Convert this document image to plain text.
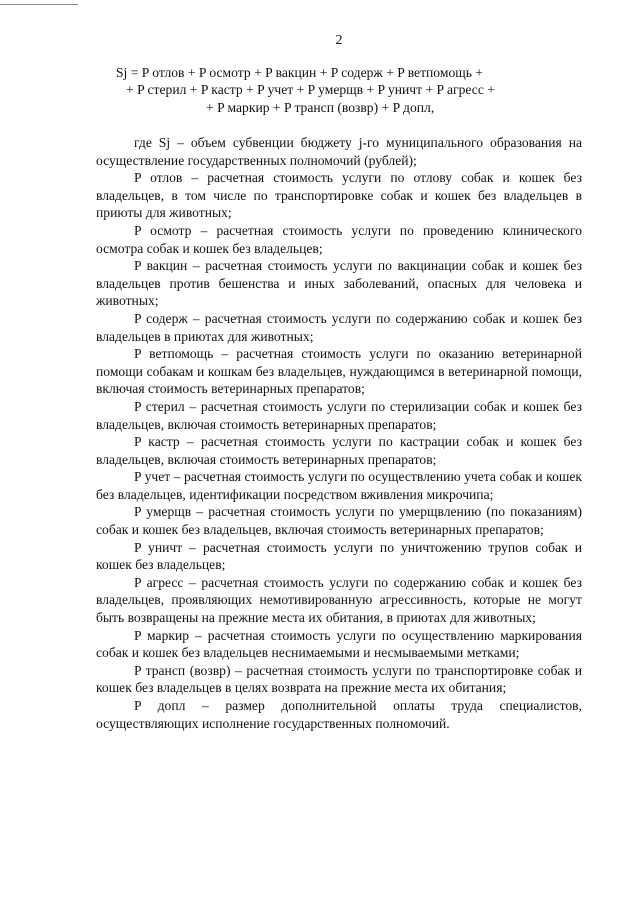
2
Sj = P отлов + P осмотр + P вакцин + P содерж + P ветпомощь +
+ P стерил + P кастр + P учет + P умерщв + P уничт + P агресс +
+ P маркир + P трансп (возвр) + P допл,

где Sj – объем субвенции бюджету j-го муниципального образования на осуществление государственных полномочий (рублей);

P отлов – расчетная стоимость услуги по отлову собак и кошек без владельцев, в том числе по транспортировке собак и кошек без владельцев в приюты для животных;

P осмотр – расчетная стоимость услуги по проведению клинического осмотра собак и кошек без владельцев;

P вакцин – расчетная стоимость услуги по вакцинации собак и кошек без владельцев против бешенства и иных заболеваний, опасных для человека и животных;

P содерж – расчетная стоимость услуги по содержанию собак и кошек без владельцев в приютах для животных;

P ветпомощь – расчетная стоимость услуги по оказанию ветеринарной помощи собакам и кошкам без владельцев, нуждающимся в ветеринарной помощи, включая стоимость ветеринарных препаратов;

P стерил – расчетная стоимость услуги по стерилизации собак и кошек без владельцев, включая стоимость ветеринарных препаратов;

P кастр – расчетная стоимость услуги по кастрации собак и кошек без владельцев, включая стоимость ветеринарных препаратов;

P учет – расчетная стоимость услуги по осуществлению учета собак и кошек без владельцев, идентификации посредством вживления микрочипа;

P умерщв – расчетная стоимость услуги по умерщвлению (по показаниям) собак и кошек без владельцев, включая стоимость ветеринарных препаратов;

P уничт – расчетная стоимость услуги по уничтожению трупов собак и кошек без владельцев;

P агресс – расчетная стоимость услуги по содержанию собак и кошек без владельцев, проявляющих немотивированную агрессивность, которые не могут быть возвращены на прежние места их обитания, в приютах для животных;

P маркир – расчетная стоимость услуги по осуществлению маркирования собак и кошек без владельцев неснимаемыми и несмываемыми метками;

P трансп (возвр) – расчетная стоимость услуги по транспортировке собак и кошек без владельцев в целях возврата на прежние места их обитания;

P допл – размер дополнительной оплаты труда специалистов, осуществляющих исполнение государственных полномочий.
